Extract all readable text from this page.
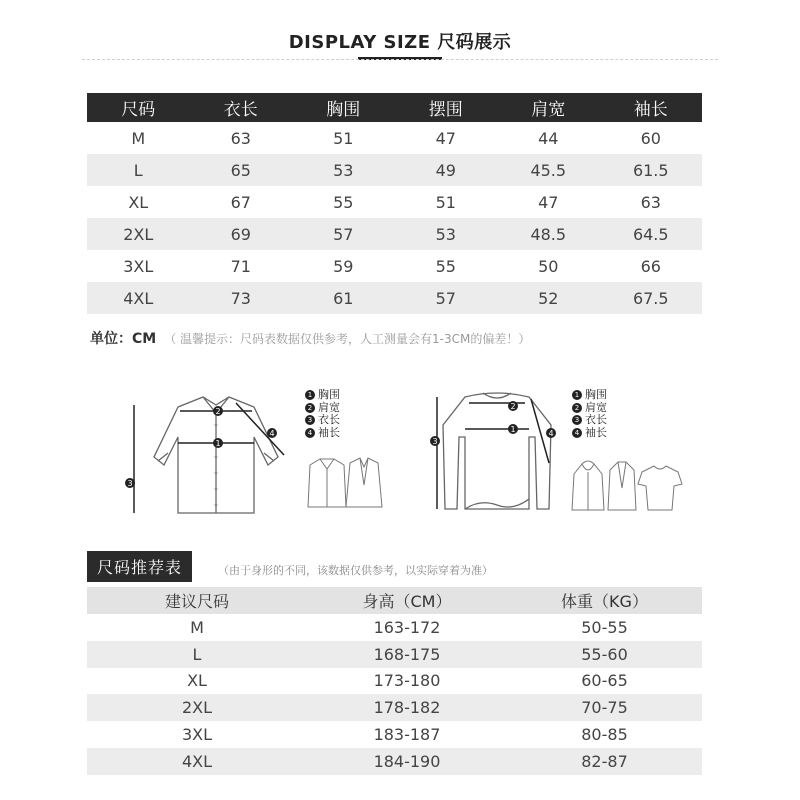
DISPLAY SIZE 尺码展示
尺码	衣长	胸围	摆围	肩宽	袖长
M	63	51	47	44	60
L	65	53	49	45.5	61.5
XL	67	55	51	47	63
2XL	69	57	53	48.5	64.5
3XL	71	59	55	50	66
4XL	73	61	57	52	67.5
单位：CM （ 温馨提示：尺码表数据仅供参考，人工测量会有1-3CM的偏差！）
1
2
3
4
1 胸围
2 肩宽
3 衣长
4 袖长	1
2
3
4
1 胸围
2 肩宽
3 衣长
4 袖长
尺码推荐表	（由于身形的不同，该数据仅供参考，以实际穿着为准）
建议尺码	身高（CM）	体重（KG）
M	163-172	50-55
L	168-175	55-60
XL	173-180	60-65
2XL	178-182	70-75
3XL	183-187	80-85
4XL	184-190	82-87
